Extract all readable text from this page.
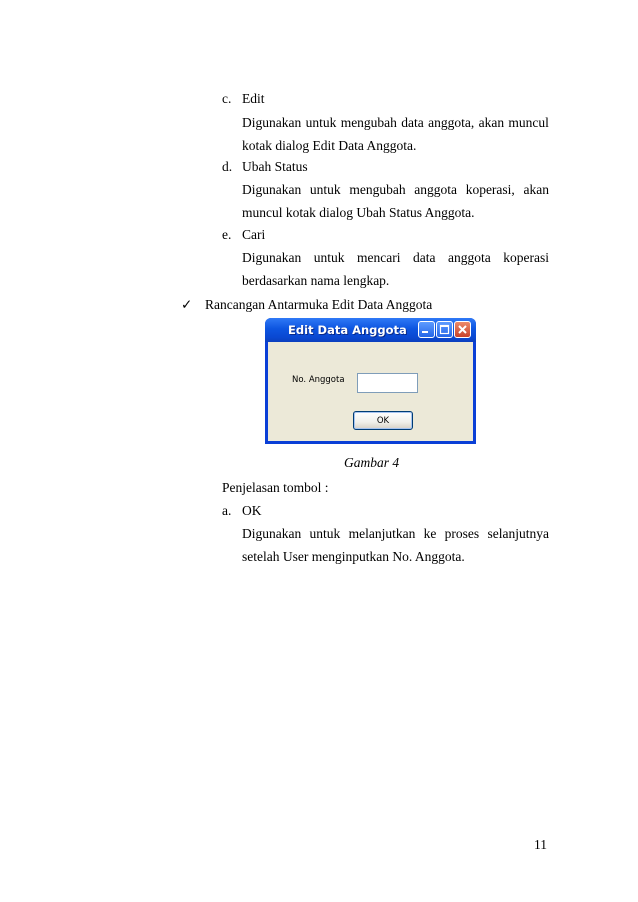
c. Edit
Digunakan untuk mengubah data anggota, akan muncul
kotak dialog Edit Data Anggota.
d. Ubah Status
Digunakan untuk mengubah anggota koperasi, akan
muncul kotak dialog Ubah Status Anggota.
e. Cari
Digunakan untuk mencari data anggota koperasi
berdasarkan nama lengkap.
✓ Rancangan Antarmuka Edit Data Anggota
Edit Data Anggota
No. Anggota
OK
Gambar 4
Penjelasan tombol :
a. OK
Digunakan untuk melanjutkan ke proses selanjutnya
setelah User menginputkan No. Anggota.
11
